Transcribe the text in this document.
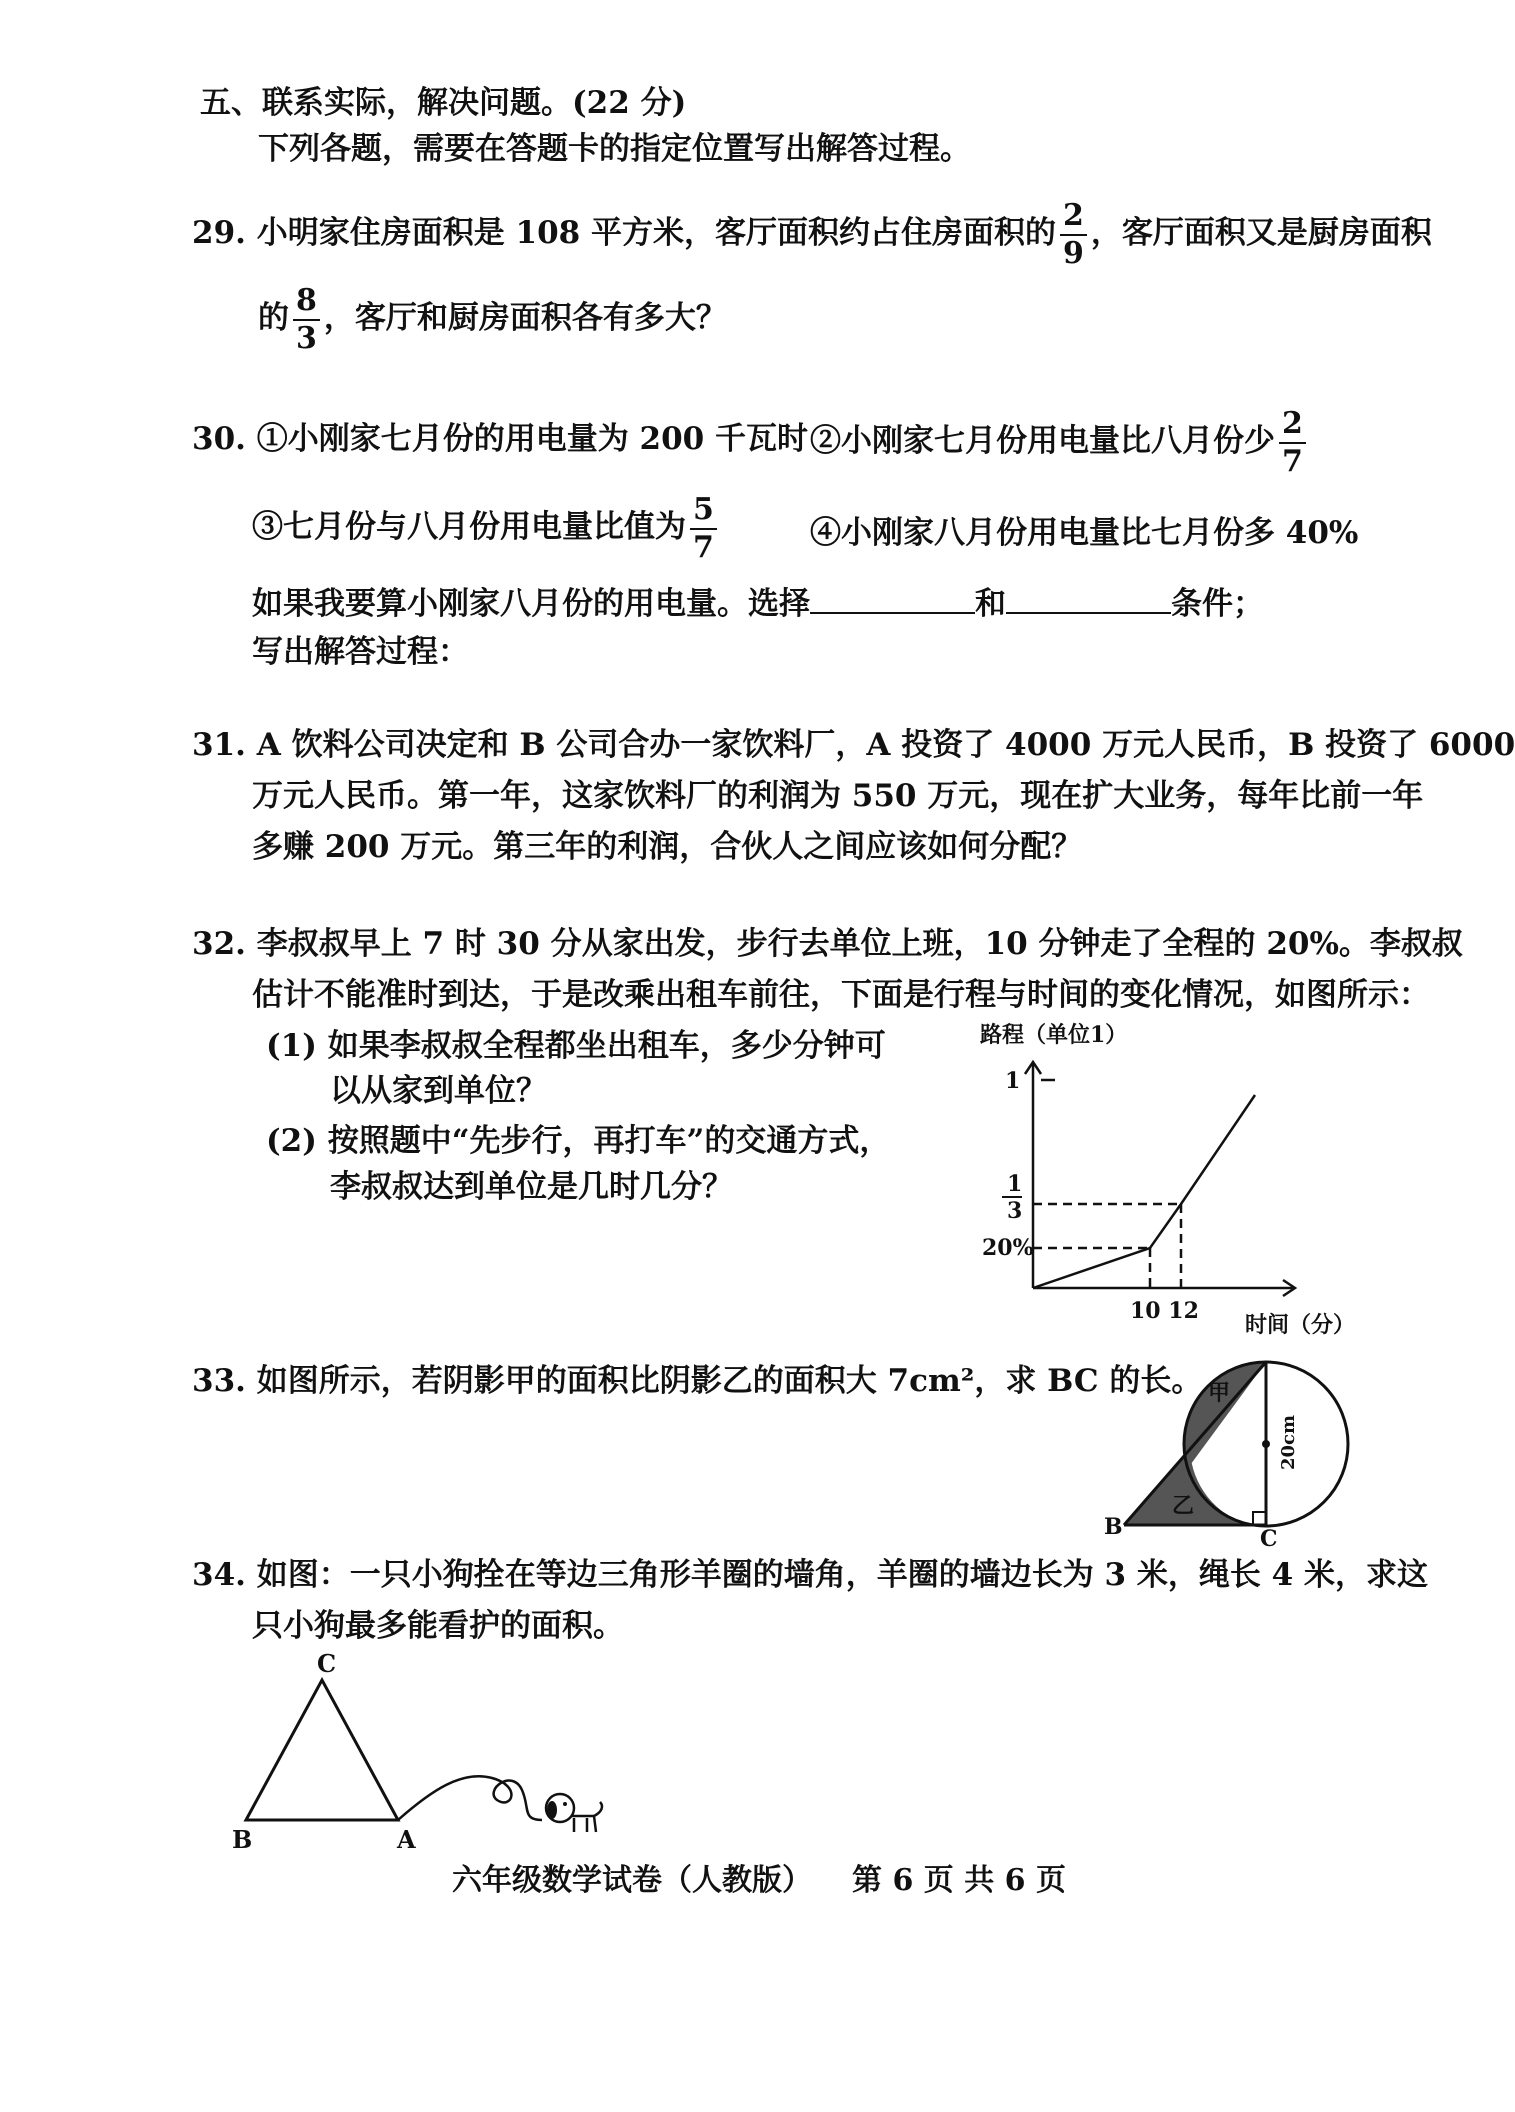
五、联系实际，解决问题。(22 分)
下列各题，需要在答题卡的指定位置写出解答过程。
29. 小明家住房面积是 108 平方米，客厅面积约占住房面积的 $\frac{2}{9}$ ，客厅面积又是厨房面积
的 $\frac{8}{3}$ ，客厅和厨房面积各有多大？
30. ①小刚家七月份的用电量为 200 千瓦时 ②小刚家七月份用电量比八月份少 $\frac{2}{7}$
③七月份与八月份用电量比值为 $\frac{5}{7}$	④小刚家八月份用电量比七月份多 40%
如果我要算小刚家八月份的用电量。选择	和	条件；
写出解答过程：
31. A 饮料公司决定和 B 公司合办一家饮料厂，A 投资了 4000 万元人民币，B 投资了 6000
万元人民币。第一年，这家饮料厂的利润为 550 万元，现在扩大业务，每年比前一年
多赚 200 万元。第三年的利润，合伙人之间应该如何分配？
32. 李叔叔早上 7 时 30 分从家出发，步行去单位上班，10 分钟走了全程的 20%。李叔叔
估计不能准时到达，于是改乘出租车前往，下面是行程与时间的变化情况，如图所示：
(1) 如果李叔叔全程都坐出租车，多少分钟可
以从家到单位？
(2) 按照题中“先步行，再打车”的交通方式，
李叔叔达到单位是几时几分？
路程（单位1）
1
1
3
20%
10 12
时间（分）
33. 如图所示，若阴影甲的面积比阴影乙的面积大 7cm²，求 BC 的长。 甲
乙
B	C
20cm
34. 如图：一只小狗拴在等边三角形羊圈的墙角，羊圈的墙边长为 3 米，绳长 4 米，求这
只小狗最多能看护的面积。
C
B	A
六年级数学试卷（人教版） 第 6 页 共 6 页
